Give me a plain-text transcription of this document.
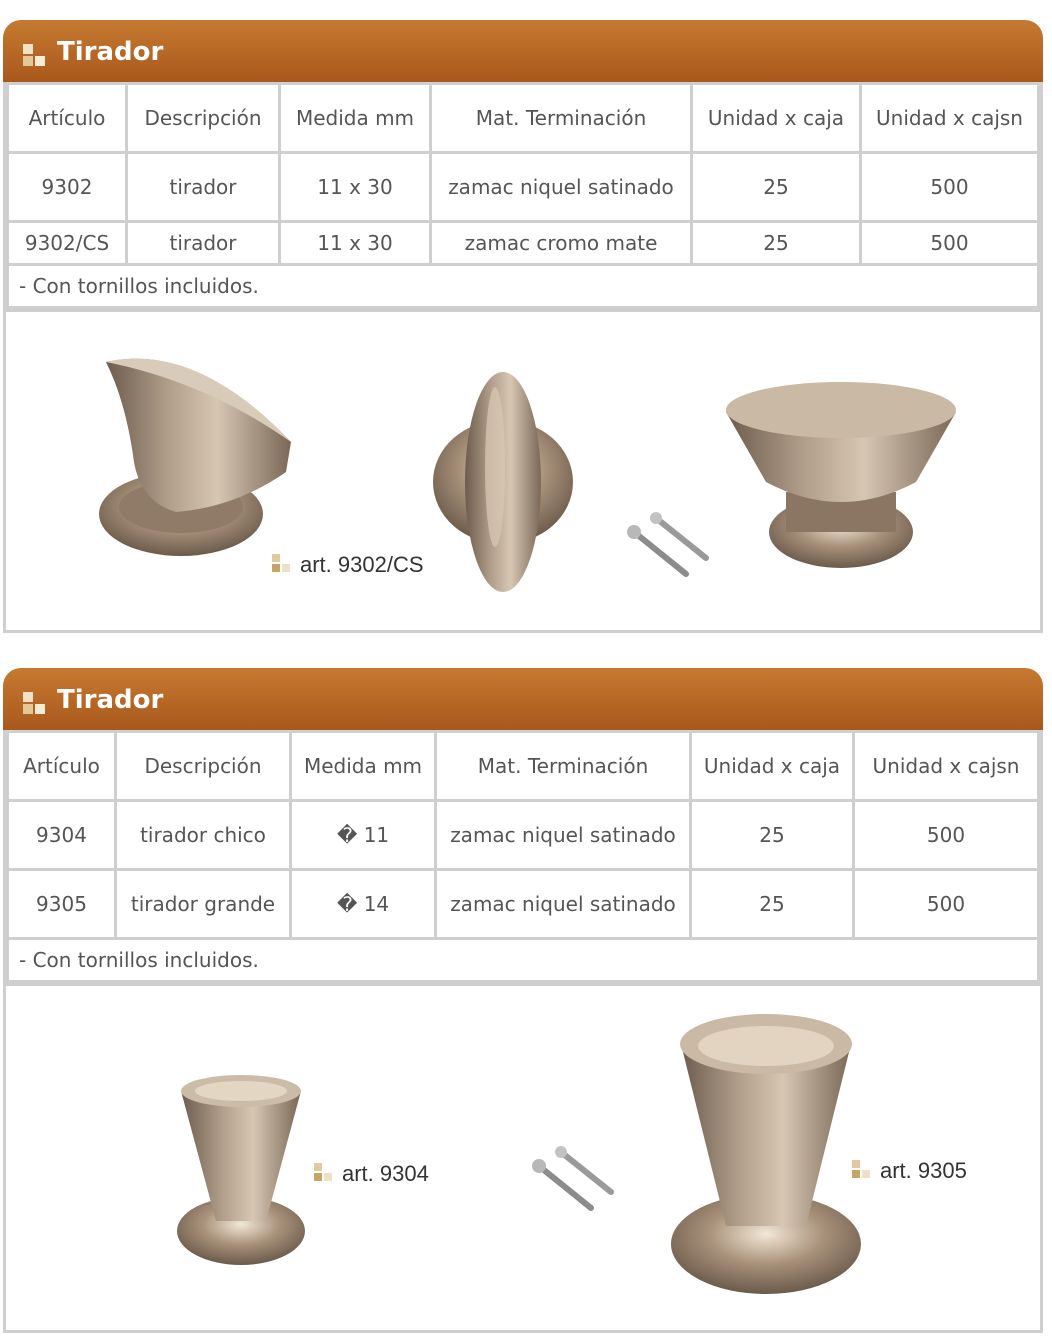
Tirador
Artículo	Descripción	Medida mm	Mat. Terminación	Unidad x caja	Unidad x cajsn
9302	tirador	11 x 30	zamac niquel satinado	25	500
9302/CS	tirador	11 x 30	zamac cromo mate	25	500
- Con tornillos incluidos.					
art. 9302/CS
Tirador
Artículo	Descripción	Medida mm	Mat. Terminación	Unidad x caja	Unidad x cajsn
9304	tirador chico	� 11	zamac niquel satinado	25	500
9305	tirador grande	� 14	zamac niquel satinado	25	500
- Con tornillos incluidos.					
art. 9304	art. 9305
